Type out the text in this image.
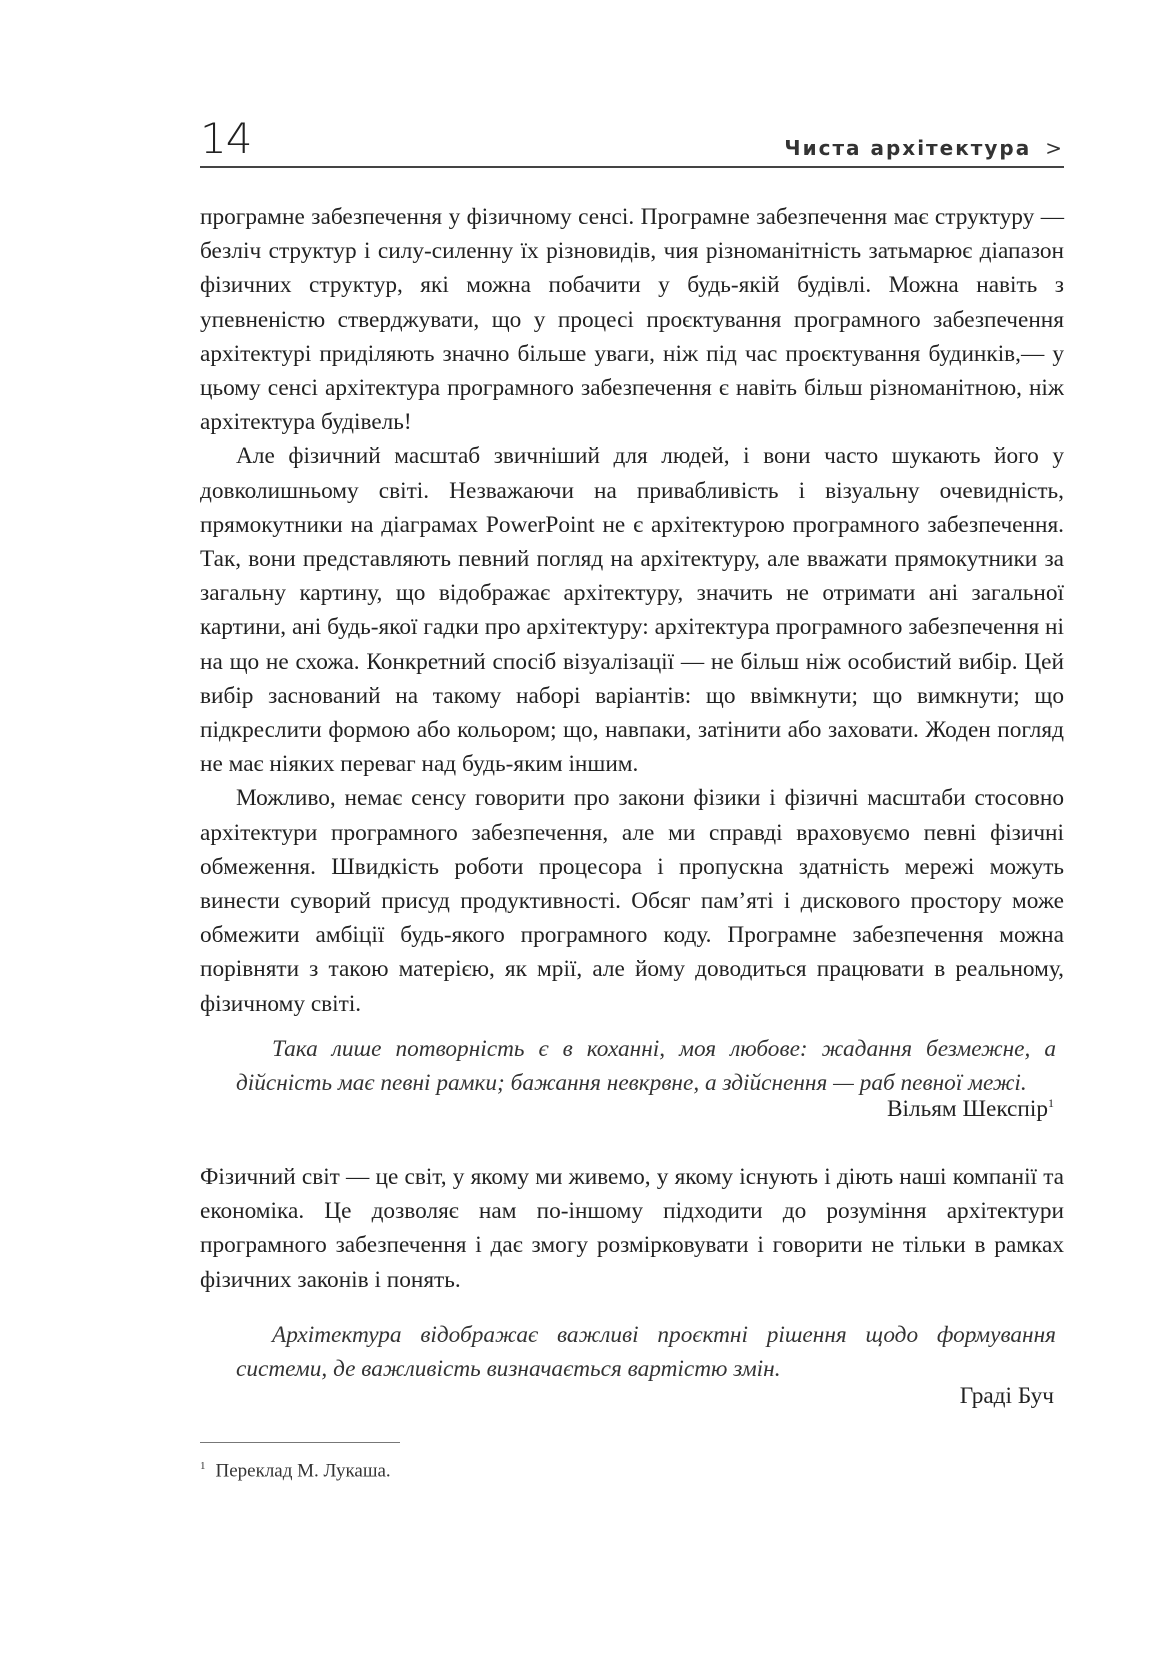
14	Чиста архітектура >

програмне забезпечення у фізичному сенсі. Програмне забезпечення має структуру — безліч структур і силу-силенну їх різновидів, чия різноманітність затьмарює діапазон фізичних структур, які можна побачити у будь-якій будівлі. Можна навіть з упевненістю стверджувати, що у процесі проєктування програмного забезпечення архітектурі приділяють значно більше уваги, ніж під час проєктування будинків,— у цьому сенсі архітектура програмного забезпечення є навіть більш різноманітною, ніж архітектура будівель!

Але фізичний масштаб звичніший для людей, і вони часто шукають його у довколишньому світі. Незважаючи на привабливість і візуальну очевидність, прямокутники на діаграмах PowerPoint не є архітектурою програмного забезпечення. Так, вони представляють певний погляд на архітектуру, але вважати прямокутники за загальну картину, що відображає архітектуру, значить не отримати ані загальної картини, ані будь-якої гадки про архітектуру: архітектура програмного забезпечення ні на що не схожа. Конкретний спосіб візуалізації — не більш ніж особистий вибір. Цей вибір заснований на такому наборі варіантів: що ввімкнути; що вимкнути; що підкреслити формою або кольором; що, навпаки, затінити або заховати. Жоден погляд не має ніяких переваг над будь-яким іншим.

Можливо, немає сенсу говорити про закони фізики і фізичні масштаби стосовно архітектури програмного забезпечення, але ми справді враховуємо певні фізичні обмеження. Швидкість роботи процесора і пропускна здатність мережі можуть винести суворий присуд продуктивності. Обсяг пам’яті і дискового простору може обмежити амбіції будь-якого програмного коду. Програмне забезпечення можна порівняти з такою матерією, як мрії, але йому доводиться працювати в реальному, фізичному світі.

Така лише потворність є в коханні, моя любове: жадання безмежне, а дійсність має певні рамки; бажання невкрвне, а здійснення — раб певної межі.

Вільям Шекспір$^1$

Фізичний світ — це світ, у якому ми живемо, у якому існують і діють наші компанії та економіка. Це дозволяє нам по-іншому підходити до розуміння архітектури програмного забезпечення і дає змогу розмірковувати і говорити не тільки в рамках фізичних законів і понять.

Архітектура відображає важливі проєктні рішення щодо формування системи, де важливість визначається вартістю змін.

Граді Буч
$^1$ Переклад М. Лукаша.
